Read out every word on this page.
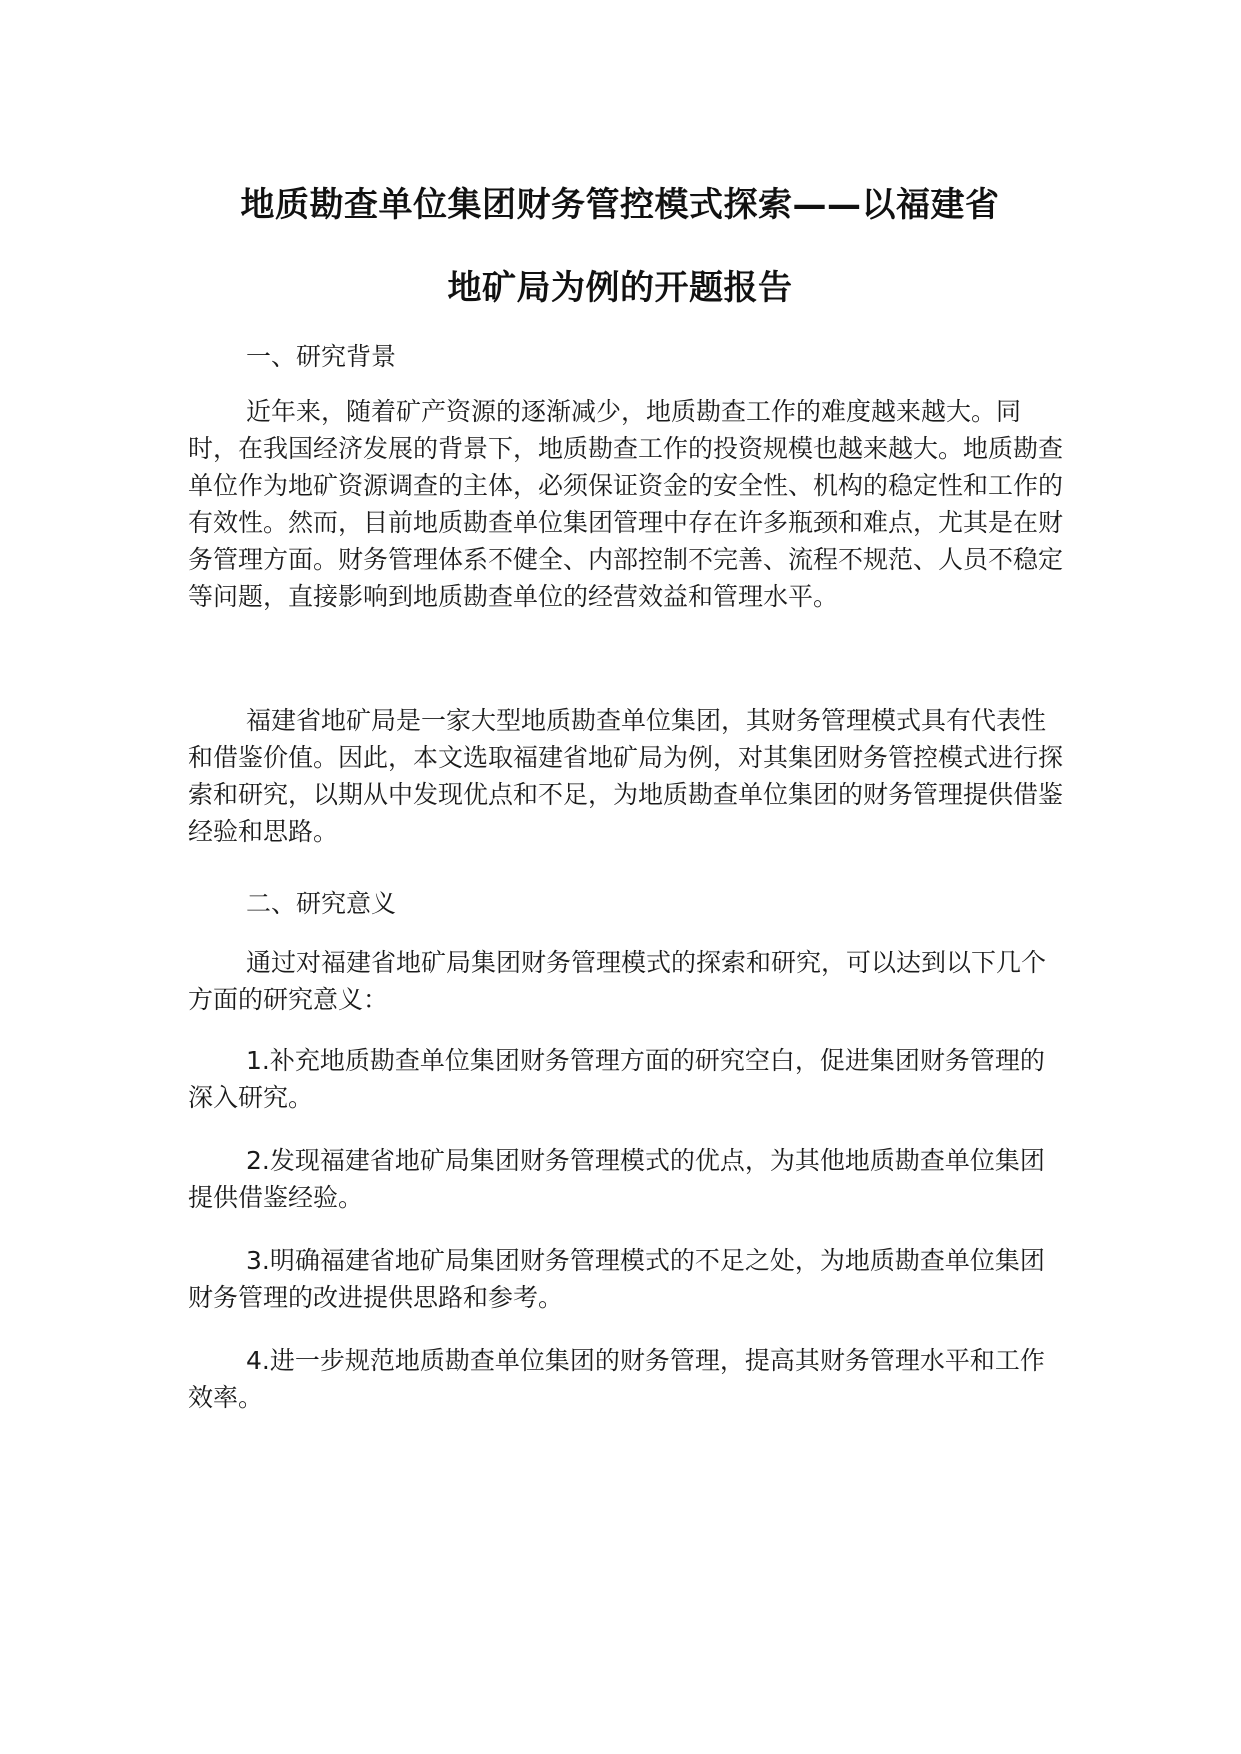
地质勘查单位集团财务管控模式探索——以福建省
地矿局为例的开题报告
一、研究背景
近年来，随着矿产资源的逐渐减少，地质勘查工作的难度越来越大。同时，在我国经济发展的背景下，地质勘查工作的投资规模也越来越大。地质勘查单位作为地矿资源调查的主体，必须保证资金的安全性、机构的稳定性和工作的有效性。然而，目前地质勘查单位集团管理中存在许多瓶颈和难点，尤其是在财务管理方面。财务管理体系不健全、内部控制不完善、流程不规范、人员不稳定等问题，直接影响到地质勘查单位的经营效益和管理水平。
福建省地矿局是一家大型地质勘查单位集团，其财务管理模式具有代表性和借鉴价值。因此，本文选取福建省地矿局为例，对其集团财务管控模式进行探索和研究，以期从中发现优点和不足，为地质勘查单位集团的财务管理提供借鉴经验和思路。
二、研究意义
通过对福建省地矿局集团财务管理模式的探索和研究，可以达到以下几个方面的研究意义：
1.补充地质勘查单位集团财务管理方面的研究空白，促进集团财务管理的深入研究。
2.发现福建省地矿局集团财务管理模式的优点，为其他地质勘查单位集团提供借鉴经验。
3.明确福建省地矿局集团财务管理模式的不足之处，为地质勘查单位集团财务管理的改进提供思路和参考。
4.进一步规范地质勘查单位集团的财务管理，提高其财务管理水平和工作效率。
